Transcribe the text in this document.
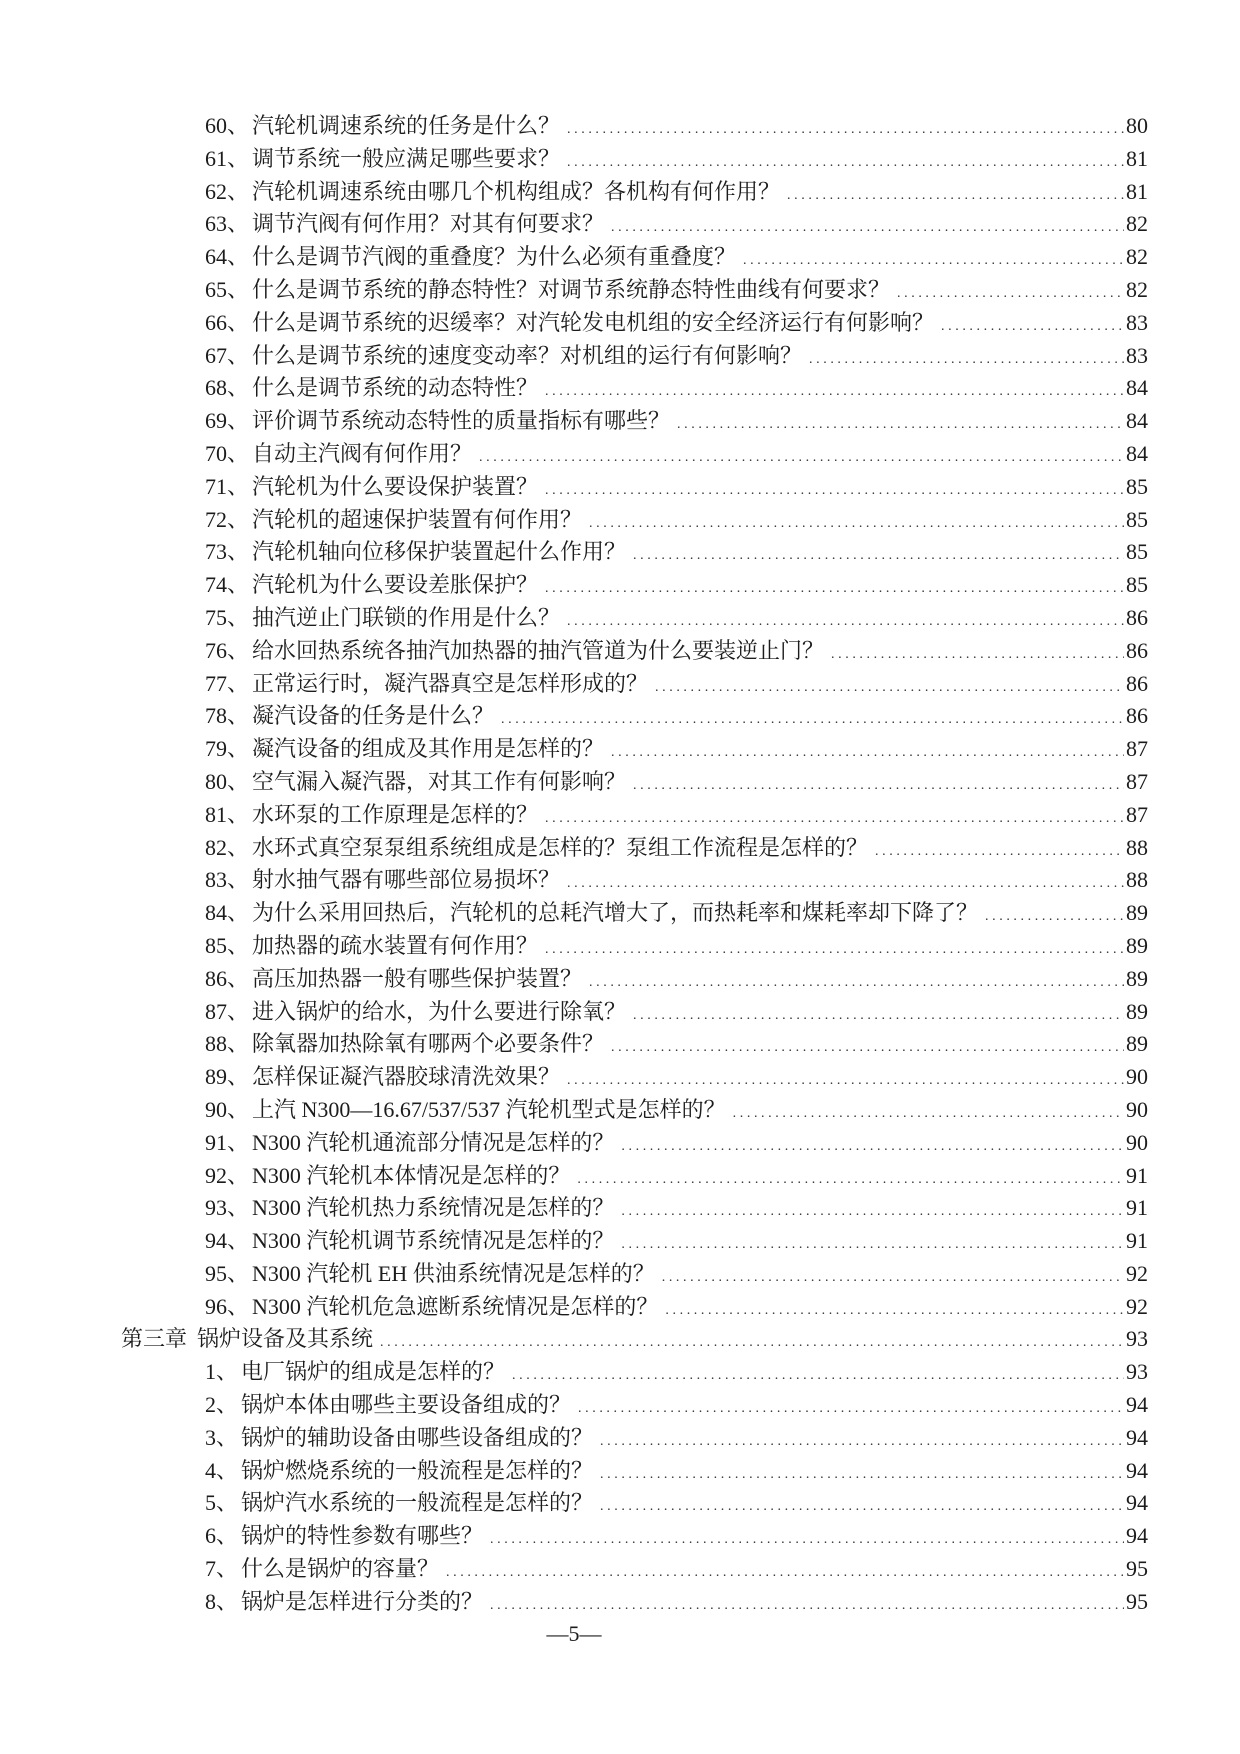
60、 汽轮机调速系统的任务是什么？ .....	80
61、 调节系统一般应满足哪些要求？ .....	81
62、 汽轮机调速系统由哪几个机构组成？各机构有何作用？ .....	81
63、 调节汽阀有何作用？对其有何要求？ .....	82
64、 什么是调节汽阀的重叠度？为什么必须有重叠度？ .....	82
65、 什么是调节系统的静态特性？对调节系统静态特性曲线有何要求？ .....	82
66、 什么是调节系统的迟缓率？对汽轮发电机组的安全经济运行有何影响？ .....	83
67、 什么是调节系统的速度变动率？对机组的运行有何影响？ .....	83
68、 什么是调节系统的动态特性？ .....	84
69、 评价调节系统动态特性的质量指标有哪些？ .....	84
70、 自动主汽阀有何作用？ .....	84
71、 汽轮机为什么要设保护装置？ .....	85
72、 汽轮机的超速保护装置有何作用？ .....	85
73、 汽轮机轴向位移保护装置起什么作用？ .....	85
74、 汽轮机为什么要设差胀保护？ .....	85
75、 抽汽逆止门联锁的作用是什么？ .....	86
76、 给水回热系统各抽汽加热器的抽汽管道为什么要装逆止门？ .....	86
77、 正常运行时，凝汽器真空是怎样形成的？ .....	86
78、 凝汽设备的任务是什么？ .....	86
79、 凝汽设备的组成及其作用是怎样的？ .....	87
80、 空气漏入凝汽器，对其工作有何影响？ .....	87
81、 水环泵的工作原理是怎样的？ .....	87
82、 水环式真空泵泵组系统组成是怎样的？泵组工作流程是怎样的？ .....	88
83、 射水抽气器有哪些部位易损坏？ .....	88
84、 为什么采用回热后，汽轮机的总耗汽增大了，而热耗率和煤耗率却下降了？ .....	89
85、 加热器的疏水装置有何作用？ .....	89
86、 高压加热器一般有哪些保护装置？ .....	89
87、 进入锅炉的给水，为什么要进行除氧？ .....	89
88、 除氧器加热除氧有哪两个必要条件？ .....	89
89、 怎样保证凝汽器胶球清洗效果？ .....	90
90、 上汽 N300—16.67/537/537 汽轮机型式是怎样的？ .....	90
91、 N300 汽轮机通流部分情况是怎样的？ .....	90
92、 N300 汽轮机本体情况是怎样的？ .....	91
93、 N300 汽轮机热力系统情况是怎样的？ .....	91
94、 N300 汽轮机调节系统情况是怎样的？ .....	91
95、 N300 汽轮机 EH 供油系统情况是怎样的？ .....	92
96、 N300 汽轮机危急遮断系统情况是怎样的？ .....	92
第三章 锅炉设备及其系统 .....	93
1、 电厂锅炉的组成是怎样的？ .....	93
2、 锅炉本体由哪些主要设备组成的？ .....	94
3、 锅炉的辅助设备由哪些设备组成的？ .....	94
4、 锅炉燃烧系统的一般流程是怎样的？ .....	94
5、 锅炉汽水系统的一般流程是怎样的？ .....	94
6、 锅炉的特性参数有哪些？ .....	94
7、 什么是锅炉的容量？ .....	95
8、 锅炉是怎样进行分类的？ .....	95
—5—
